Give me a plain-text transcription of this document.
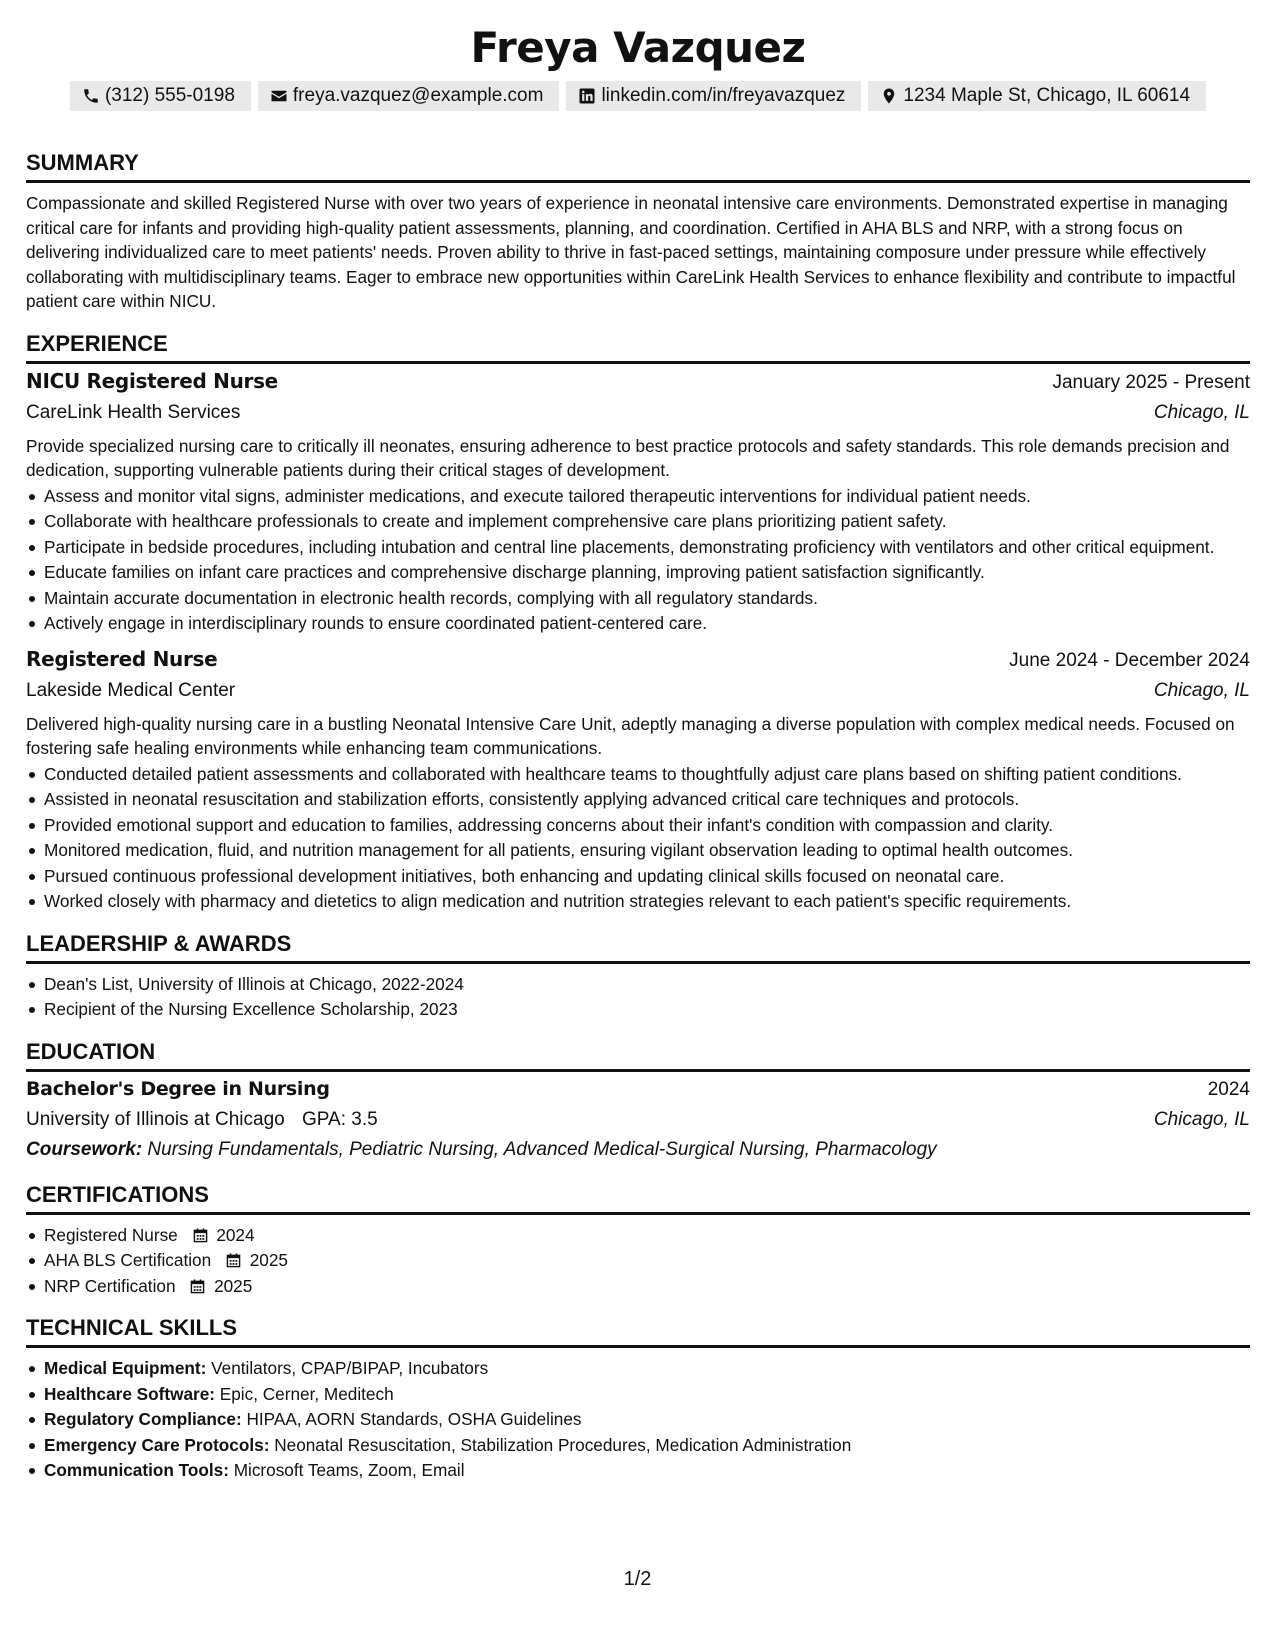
Freya Vazquez
(312) 555-0198	freya.vazquez@example.com	linkedin.com/in/freyavazquez	1234 Maple St, Chicago, IL 60614
SUMMARY

Compassionate and skilled Registered Nurse with over two years of experience in neonatal intensive care environments. Demonstrated expertise in managing critical care for infants and providing high-quality patient assessments, planning, and coordination. Certified in AHA BLS and NRP, with a strong focus on delivering individualized care to meet patients' needs. Proven ability to thrive in fast-paced settings, maintaining composure under pressure while effectively collaborating with multidisciplinary teams. Eager to embrace new opportunities within CareLink Health Services to enhance flexibility and contribute to impactful patient care within NICU.

EXPERIENCE
NICU Registered Nurse	January 2025 - Present
CareLink Health Services	Chicago, IL

Provide specialized nursing care to critically ill neonates, ensuring adherence to best practice protocols and safety standards. This role demands precision and dedication, supporting vulnerable patients during their critical stages of development.

Assess and monitor vital signs, administer medications, and execute tailored therapeutic interventions for individual patient needs.
Collaborate with healthcare professionals to create and implement comprehensive care plans prioritizing patient safety.
Participate in bedside procedures, including intubation and central line placements, demonstrating proficiency with ventilators and other critical equipment.
Educate families on infant care practices and comprehensive discharge planning, improving patient satisfaction significantly.
Maintain accurate documentation in electronic health records, complying with all regulatory standards.
Actively engage in interdisciplinary rounds to ensure coordinated patient-centered care.
Registered Nurse	June 2024 - December 2024
Lakeside Medical Center	Chicago, IL

Delivered high-quality nursing care in a bustling Neonatal Intensive Care Unit, adeptly managing a diverse population with complex medical needs. Focused on fostering safe healing environments while enhancing team communications.

Conducted detailed patient assessments and collaborated with healthcare teams to thoughtfully adjust care plans based on shifting patient conditions.
Assisted in neonatal resuscitation and stabilization efforts, consistently applying advanced critical care techniques and protocols.
Provided emotional support and education to families, addressing concerns about their infant's condition with compassion and clarity.
Monitored medication, fluid, and nutrition management for all patients, ensuring vigilant observation leading to optimal health outcomes.
Pursued continuous professional development initiatives, both enhancing and updating clinical skills focused on neonatal care.
Worked closely with pharmacy and dietetics to align medication and nutrition strategies relevant to each patient's specific requirements.
LEADERSHIP & AWARDS
Dean's List, University of Illinois at Chicago, 2022-2024
Recipient of the Nursing Excellence Scholarship, 2023
EDUCATION
Bachelor's Degree in Nursing	2024
University of Illinois at Chicago GPA: 3.5	Chicago, IL
Coursework: Nursing Fundamentals, Pediatric Nursing, Advanced Medical-Surgical Nursing, Pharmacology
CERTIFICATIONS
Registered Nurse 2024
AHA BLS Certification 2025
NRP Certification 2025
TECHNICAL SKILLS
Medical Equipment: Ventilators, CPAP/BIPAP, Incubators
Healthcare Software: Epic, Cerner, Meditech
Regulatory Compliance: HIPAA, AORN Standards, OSHA Guidelines
Emergency Care Protocols: Neonatal Resuscitation, Stabilization Procedures, Medication Administration
Communication Tools: Microsoft Teams, Zoom, Email
1/2
